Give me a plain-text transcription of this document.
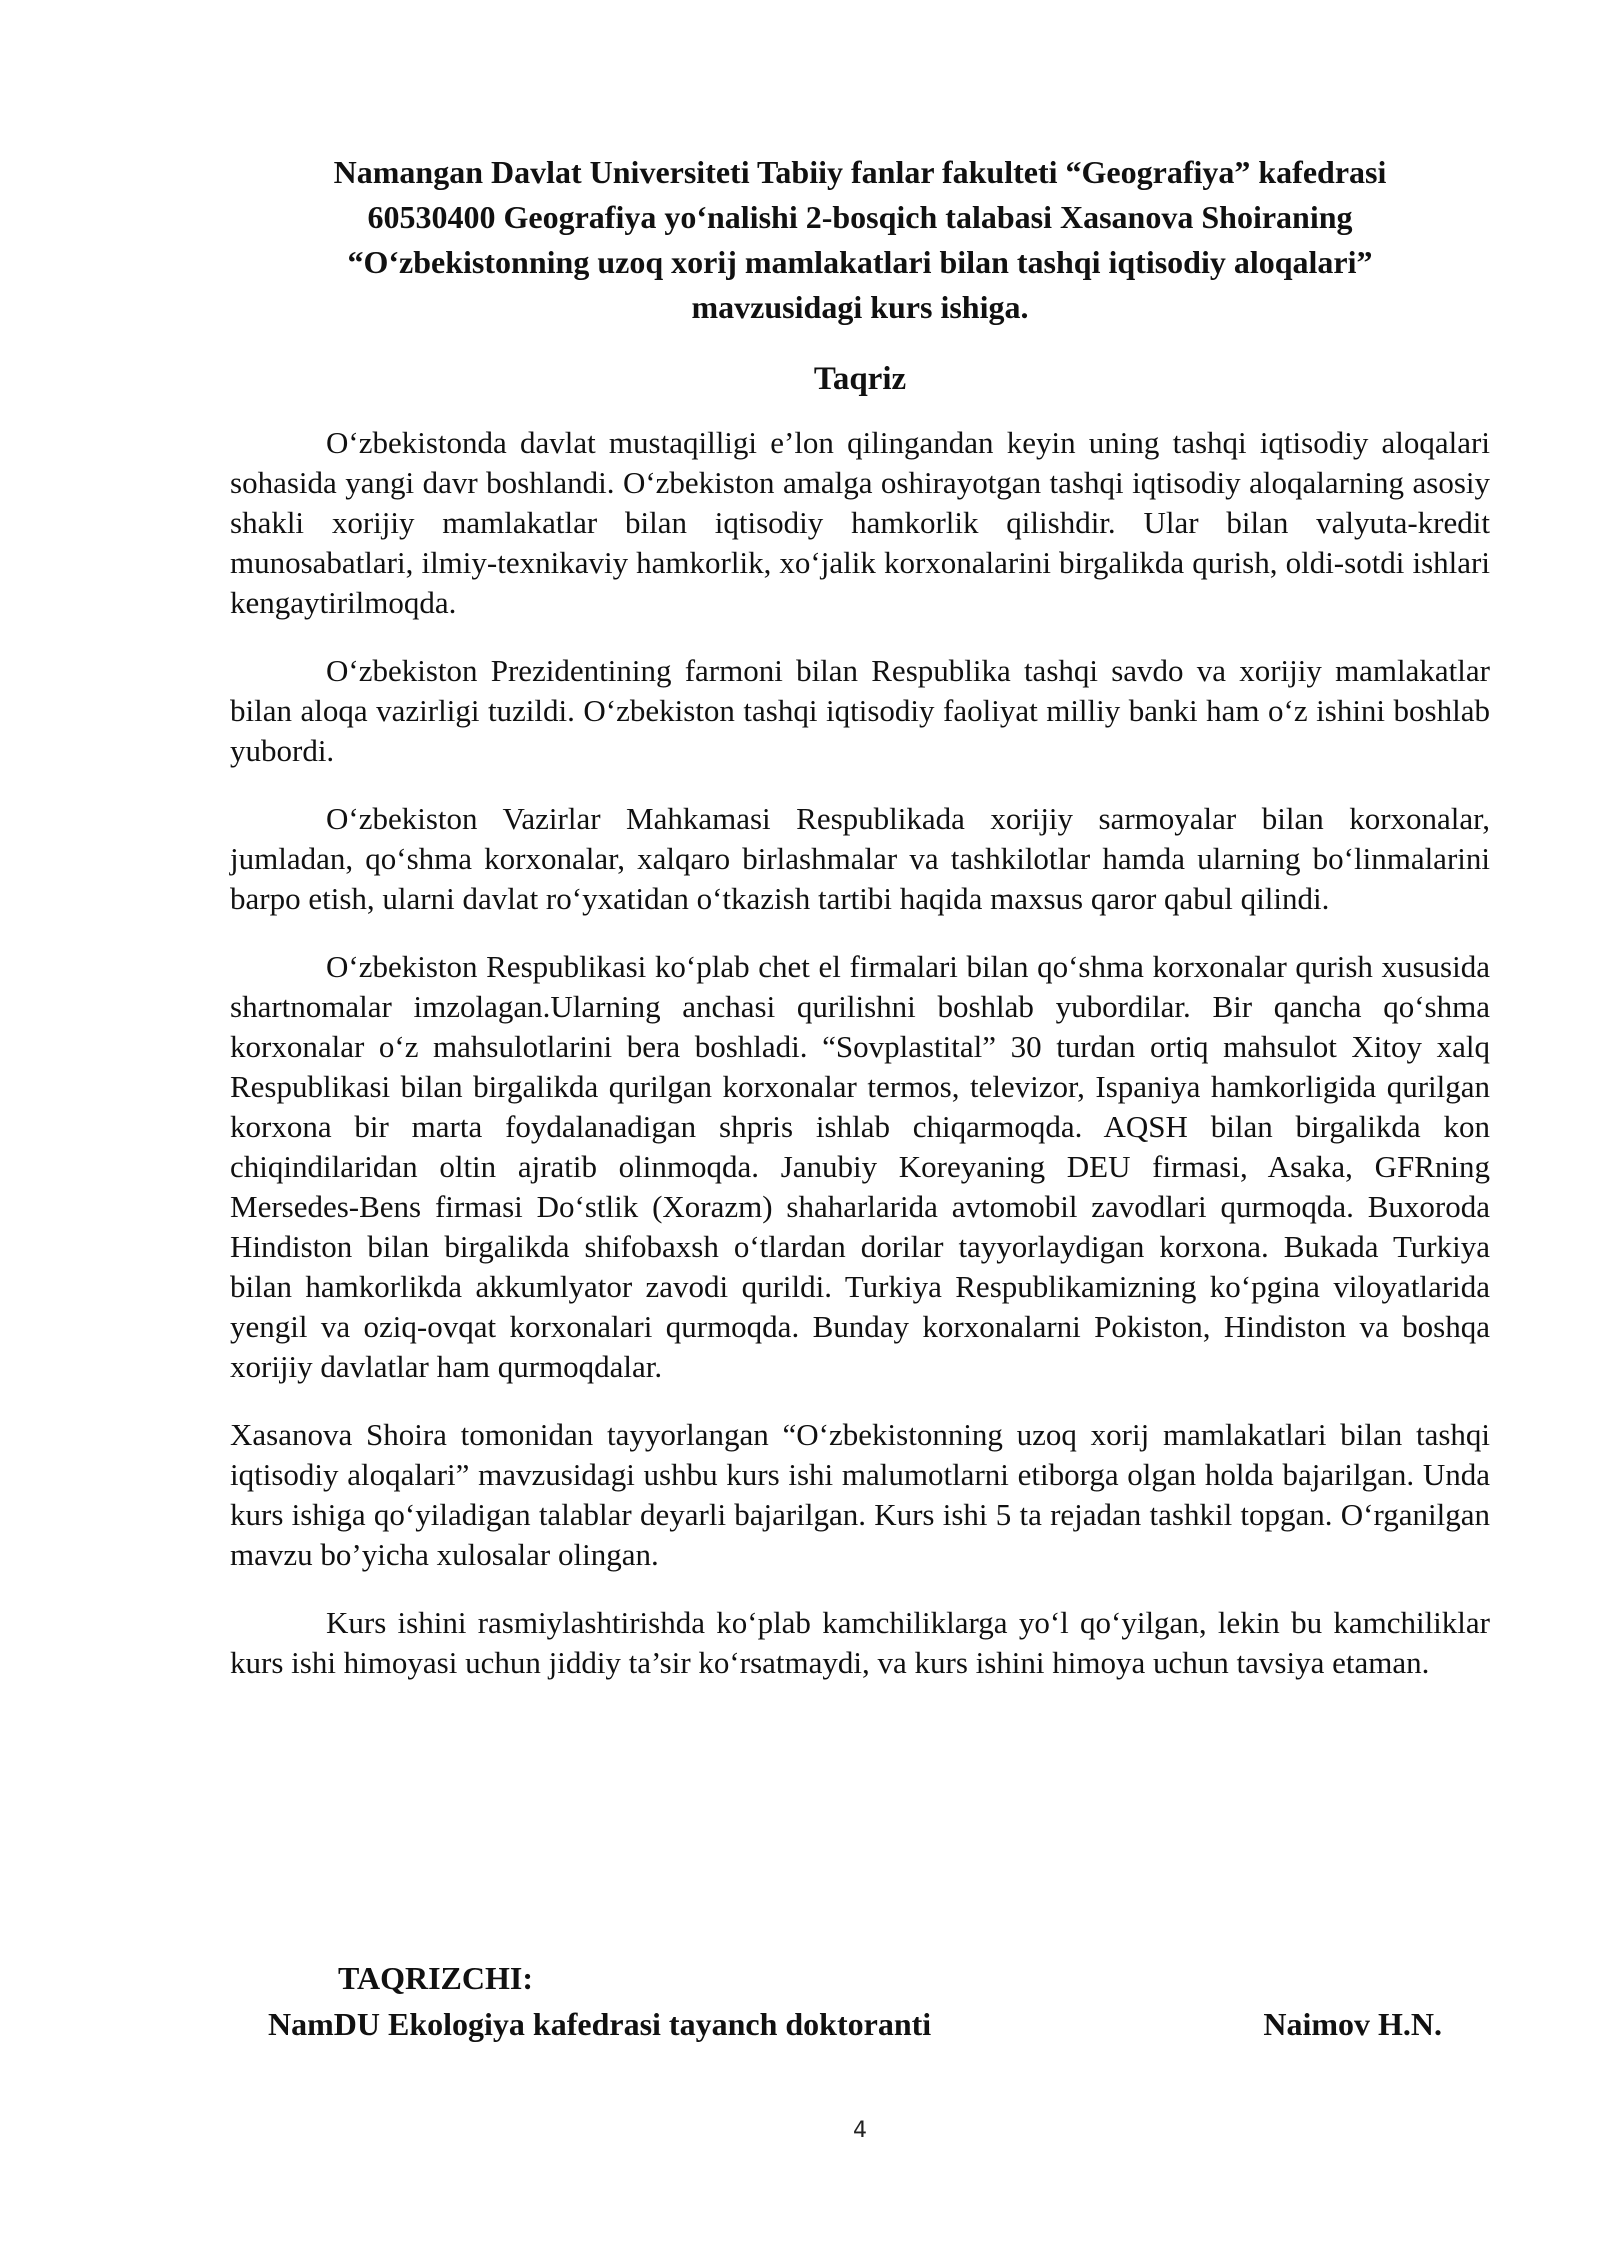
Namangan Davlat Universiteti Tabiiy fanlar fakulteti “Geografiya” kafedrasi
60530400 Geografiya yo‘nalishi 2-bosqich talabasi Xasanova Shoiraning
“O‘zbekistonning uzoq xorij mamlakatlari bilan tashqi iqtisodiy aloqalari”
mavzusidagi kurs ishiga.
Taqriz

O‘zbekistonda davlat mustaqilligi e’lon qilingandan keyin uning tashqi iqtisodiy aloqalari sohasida yangi davr boshlandi. O‘zbekiston amalga oshirayotgan tashqi iqtisodiy aloqalarning asosiy shakli xorijiy mamlakatlar bilan iqtisodiy hamkorlik qilishdir. Ular bilan valyuta-kredit munosabatlari, ilmiy-texnikaviy hamkorlik, xo‘jalik korxonalarini birgalikda qurish, oldi-sotdi ishlari kengaytirilmoqda.

O‘zbekiston Prezidentining farmoni bilan Respublika tashqi savdo va xorijiy mamlakatlar bilan aloqa vazirligi tuzildi. O‘zbekiston tashqi iqtisodiy faoliyat milliy banki ham o‘z ishini boshlab yubordi.

O‘zbekiston Vazirlar Mahkamasi Respublikada xorijiy sarmoyalar bilan korxonalar, jumladan, qo‘shma korxonalar, xalqaro birlashmalar va tashkilotlar hamda ularning bo‘linmalarini barpo etish, ularni davlat ro‘yxatidan o‘tkazish tartibi haqida maxsus qaror qabul qilindi.

O‘zbekiston Respublikasi ko‘plab chet el firmalari bilan qo‘shma korxonalar qurish xususida shartnomalar imzolagan.Ularning anchasi qurilishni boshlab yubordilar. Bir qancha qo‘shma korxonalar o‘z mahsulotlarini bera boshladi. “Sovplastital” 30 turdan ortiq mahsulot Xitoy xalq Respublikasi bilan birgalikda qurilgan korxonalar termos, televizor, Ispaniya hamkorligida qurilgan korxona bir marta foydalanadigan shpris ishlab chiqarmoqda. AQSH bilan birgalikda kon chiqindilaridan oltin ajratib olinmoqda. Janubiy Koreyaning DEU firmasi, Asaka, GFRning Mersedes-Bens firmasi Do‘stlik (Xorazm) shaharlarida avtomobil zavodlari qurmoqda. Buxoroda Hindiston bilan birgalikda shifobaxsh o‘tlardan dorilar tayyorlaydigan korxona. Bukada Turkiya bilan hamkorlikda akkumlyator zavodi qurildi. Turkiya Respublikamizning ko‘pgina viloyatlarida yengil va oziq-ovqat korxonalari qurmoqda. Bunday korxonalarni Pokiston, Hindiston va boshqa xorijiy davlatlar ham qurmoqdalar.

Xasanova Shoira tomonidan tayyorlangan “O‘zbekistonning uzoq xorij mamlakatlari bilan tashqi iqtisodiy aloqalari” mavzusidagi ushbu kurs ishi malumotlarni etiborga olgan holda bajarilgan. Unda kurs ishiga qo‘yiladigan talablar deyarli bajarilgan. Kurs ishi 5 ta rejadan tashkil topgan. O‘rganilgan mavzu bo’yicha xulosalar olingan.

Kurs ishini rasmiylashtirishda ko‘plab kamchiliklarga yo‘l qo‘yilgan, lekin bu kamchiliklar kurs ishi himoyasi uchun jiddiy ta’sir ko‘rsatmaydi, va kurs ishini himoya uchun tavsiya etaman.

TAQRIZCHI:
NamDU Ekologiya kafedrasi tayanch doktoranti	Naimov H.N.
4
